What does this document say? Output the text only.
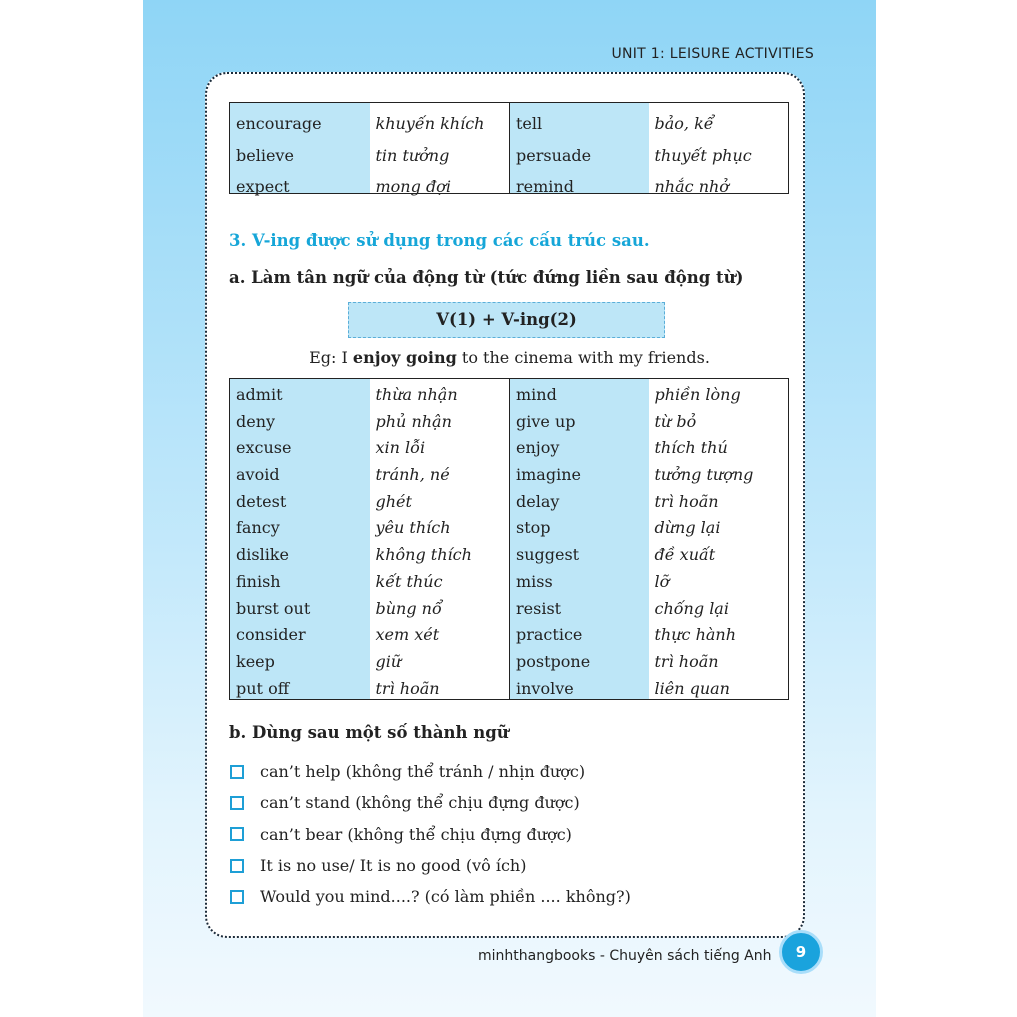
UNIT 1: LEISURE ACTIVITIES
encourage
believe
expect
khuyến khích
tin tưởng
mong đợi
tell
persuade
remind
bảo, kể
thuyết phục
nhắc nhở
3. V-ing được sử dụng trong các cấu trúc sau.
a. Làm tân ngữ của động từ (tức đứng liền sau động từ)
V(1) + V-ing(2)
Eg: I enjoy going to the cinema with my friends.
admit
deny
excuse
avoid
detest
fancy
dislike
finish
burst out
consider
keep
put off
thừa nhận
phủ nhận
xin lỗi
tránh, né
ghét
yêu thích
không thích
kết thúc
bùng nổ
xem xét
giữ
trì hoãn
mind
give up
enjoy
imagine
delay
stop
suggest
miss
resist
practice
postpone
involve
phiền lòng
từ bỏ
thích thú
tưởng tượng
trì hoãn
dừng lại
đề xuất
lỡ
chống lại
thực hành
trì hoãn
liên quan
b. Dùng sau một số thành ngữ
can’t help (không thể tránh / nhịn được)
can’t stand (không thể chịu đựng được)
can’t bear (không thể chịu đựng được)
It is no use/ It is no good (vô ích)
Would you mind....? (có làm phiền .... không?)
minhthangbooks - Chuyên sách tiếng Anh	9
